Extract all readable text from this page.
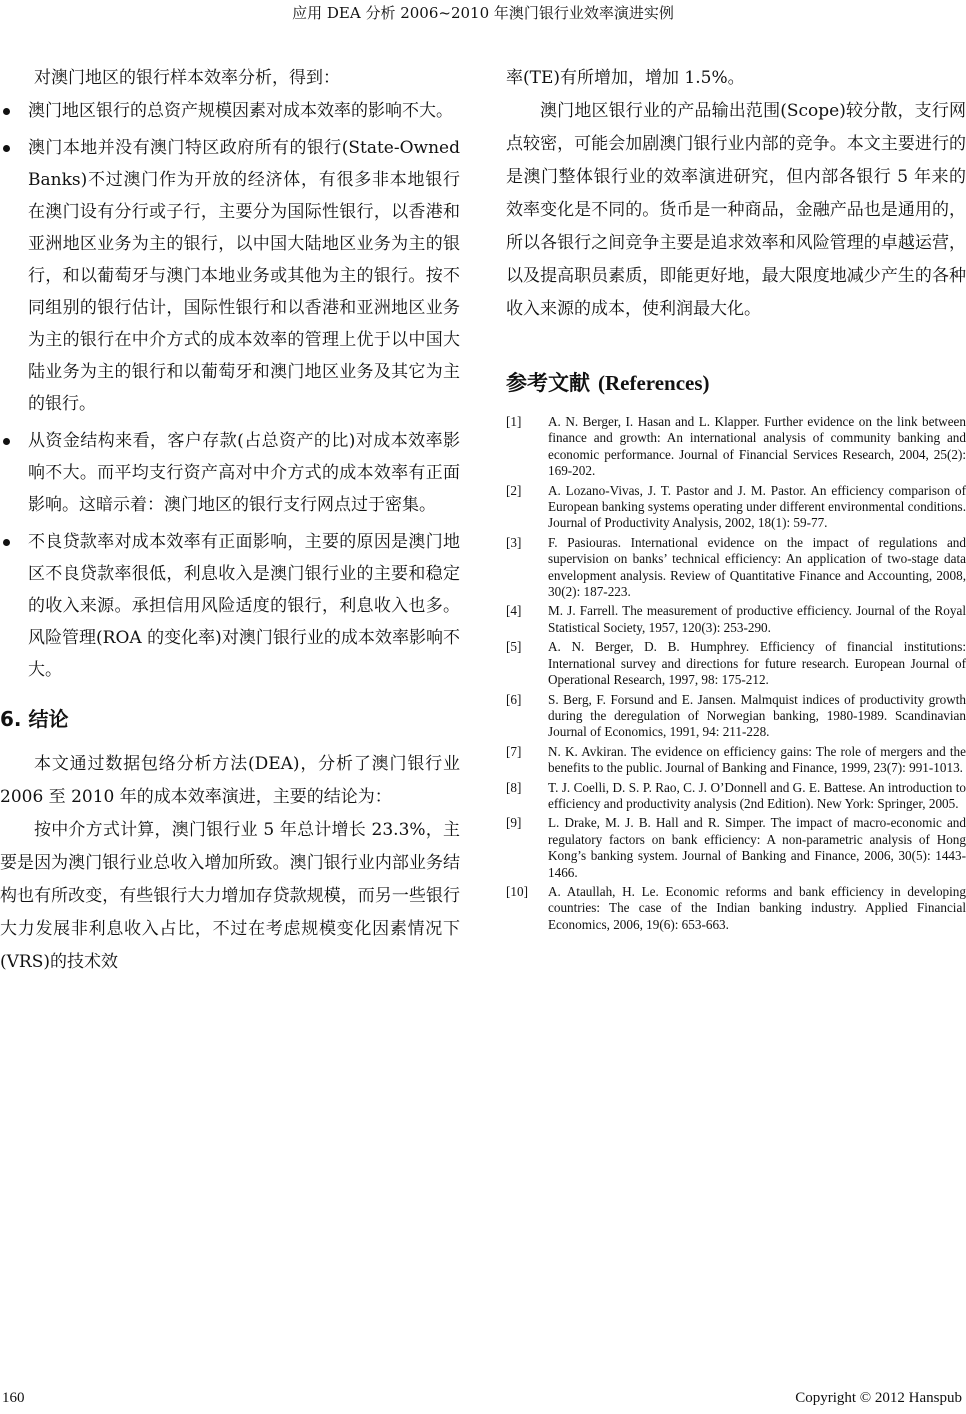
应用 DEA 分析 2006~2010 年澳门银行业效率演进实例

对澳门地区的银行样本效率分析，得到：

澳门地区银行的总资产规模因素对成本效率的影响不大。
澳门本地并没有澳门特区政府所有的银行(State-Owned Banks)不过澳门作为开放的经济体，有很多非本地银行在澳门设有分行或子行，主要分为国际性银行，以香港和亚洲地区业务为主的银行，以中国大陆地区业务为主的银行，和以葡萄牙与澳门本地业务或其他为主的银行。按不同组别的银行估计，国际性银行和以香港和亚洲地区业务为主的银行在中介方式的成本效率的管理上优于以中国大陆业务为主的银行和以葡萄牙和澳门地区业务及其它为主的银行。
从资金结构来看，客户存款(占总资产的比)对成本效率影响不大。而平均支行资产高对中介方式的成本效率有正面影响。这暗示着：澳门地区的银行支行网点过于密集。
不良贷款率对成本效率有正面影响，主要的原因是澳门地区不良贷款率很低，利息收入是澳门银行业的主要和稳定的收入来源。承担信用风险适度的银行，利息收入也多。风险管理(ROA 的变化率)对澳门银行业的成本效率影响不大。
6. 结论

本文通过数据包络分析方法(DEA)，分析了澳门银行业 2006 至 2010 年的成本效率演进，主要的结论为：

按中介方式计算，澳门银行业 5 年总计增长 23.3%，主要是因为澳门银行业总收入增加所致。澳门银行业内部业务结构也有所改变，有些银行大力增加存贷款规模，而另一些银行大力发展非利息收入占比，不过在考虑规模变化因素情况下(VRS)的技术效

率(TE)有所增加，增加 1.5%。

澳门地区银行业的产品输出范围(Scope)较分散，支行网点较密，可能会加剧澳门银行业内部的竞争。本文主要进行的是澳门整体银行业的效率演进研究，但内部各银行 5 年来的效率变化是不同的。货币是一种商品，金融产品也是通用的，所以各银行之间竞争主要是追求效率和风险管理的卓越运营，以及提高职员素质，即能更好地，最大限度地减少产生的各种收入来源的成本，使利润最大化。

参考文献 (References)
[1]	A. N. Berger, I. Hasan and L. Klapper. Further evidence on the link between finance and growth: An international analysis of community banking and economic performance. Journal of Financial Services Research, 2004, 25(2): 169-202.
[2]	A. Lozano-Vivas, J. T. Pastor and J. M. Pastor. An efficiency comparison of European banking systems operating under different environmental conditions. Journal of Productivity Analysis, 2002, 18(1): 59-77.
[3]	F. Pasiouras. International evidence on the impact of regulations and supervision on banks’ technical efficiency: An application of two-stage data envelopment analysis. Review of Quantitative Finance and Accounting, 2008, 30(2): 187-223.
[4]	M. J. Farrell. The measurement of productive efficiency. Journal of the Royal Statistical Society, 1957, 120(3): 253-290.
[5]	A. N. Berger, D. B. Humphrey. Efficiency of financial institutions: International survey and directions for future research. European Journal of Operational Research, 1997, 98: 175-212.
[6]	S. Berg, F. Forsund and E. Jansen. Malmquist indices of productivity growth during the deregulation of Norwegian banking, 1980-1989. Scandinavian Journal of Economics, 1991, 94: 211-228.
[7]	N. K. Avkiran. The evidence on efficiency gains: The role of mergers and the benefits to the public. Journal of Banking and Finance, 1999, 23(7): 991-1013.
[8]	T. J. Coelli, D. S. P. Rao, C. J. O’Donnell and G. E. Battese. An introduction to efficiency and productivity analysis (2nd Edition). New York: Springer, 2005.
[9]	L. Drake, M. J. B. Hall and R. Simper. The impact of macro-economic and regulatory factors on bank efficiency: A non-parametric analysis of Hong Kong’s banking system. Journal of Banking and Finance, 2006, 30(5): 1443-1466.
[10]	A. Ataullah, H. Le. Economic reforms and bank efficiency in developing countries: The case of the Indian banking industry. Applied Financial Economics, 2006, 19(6): 653-663.
160	Copyright © 2012 Hanspub
